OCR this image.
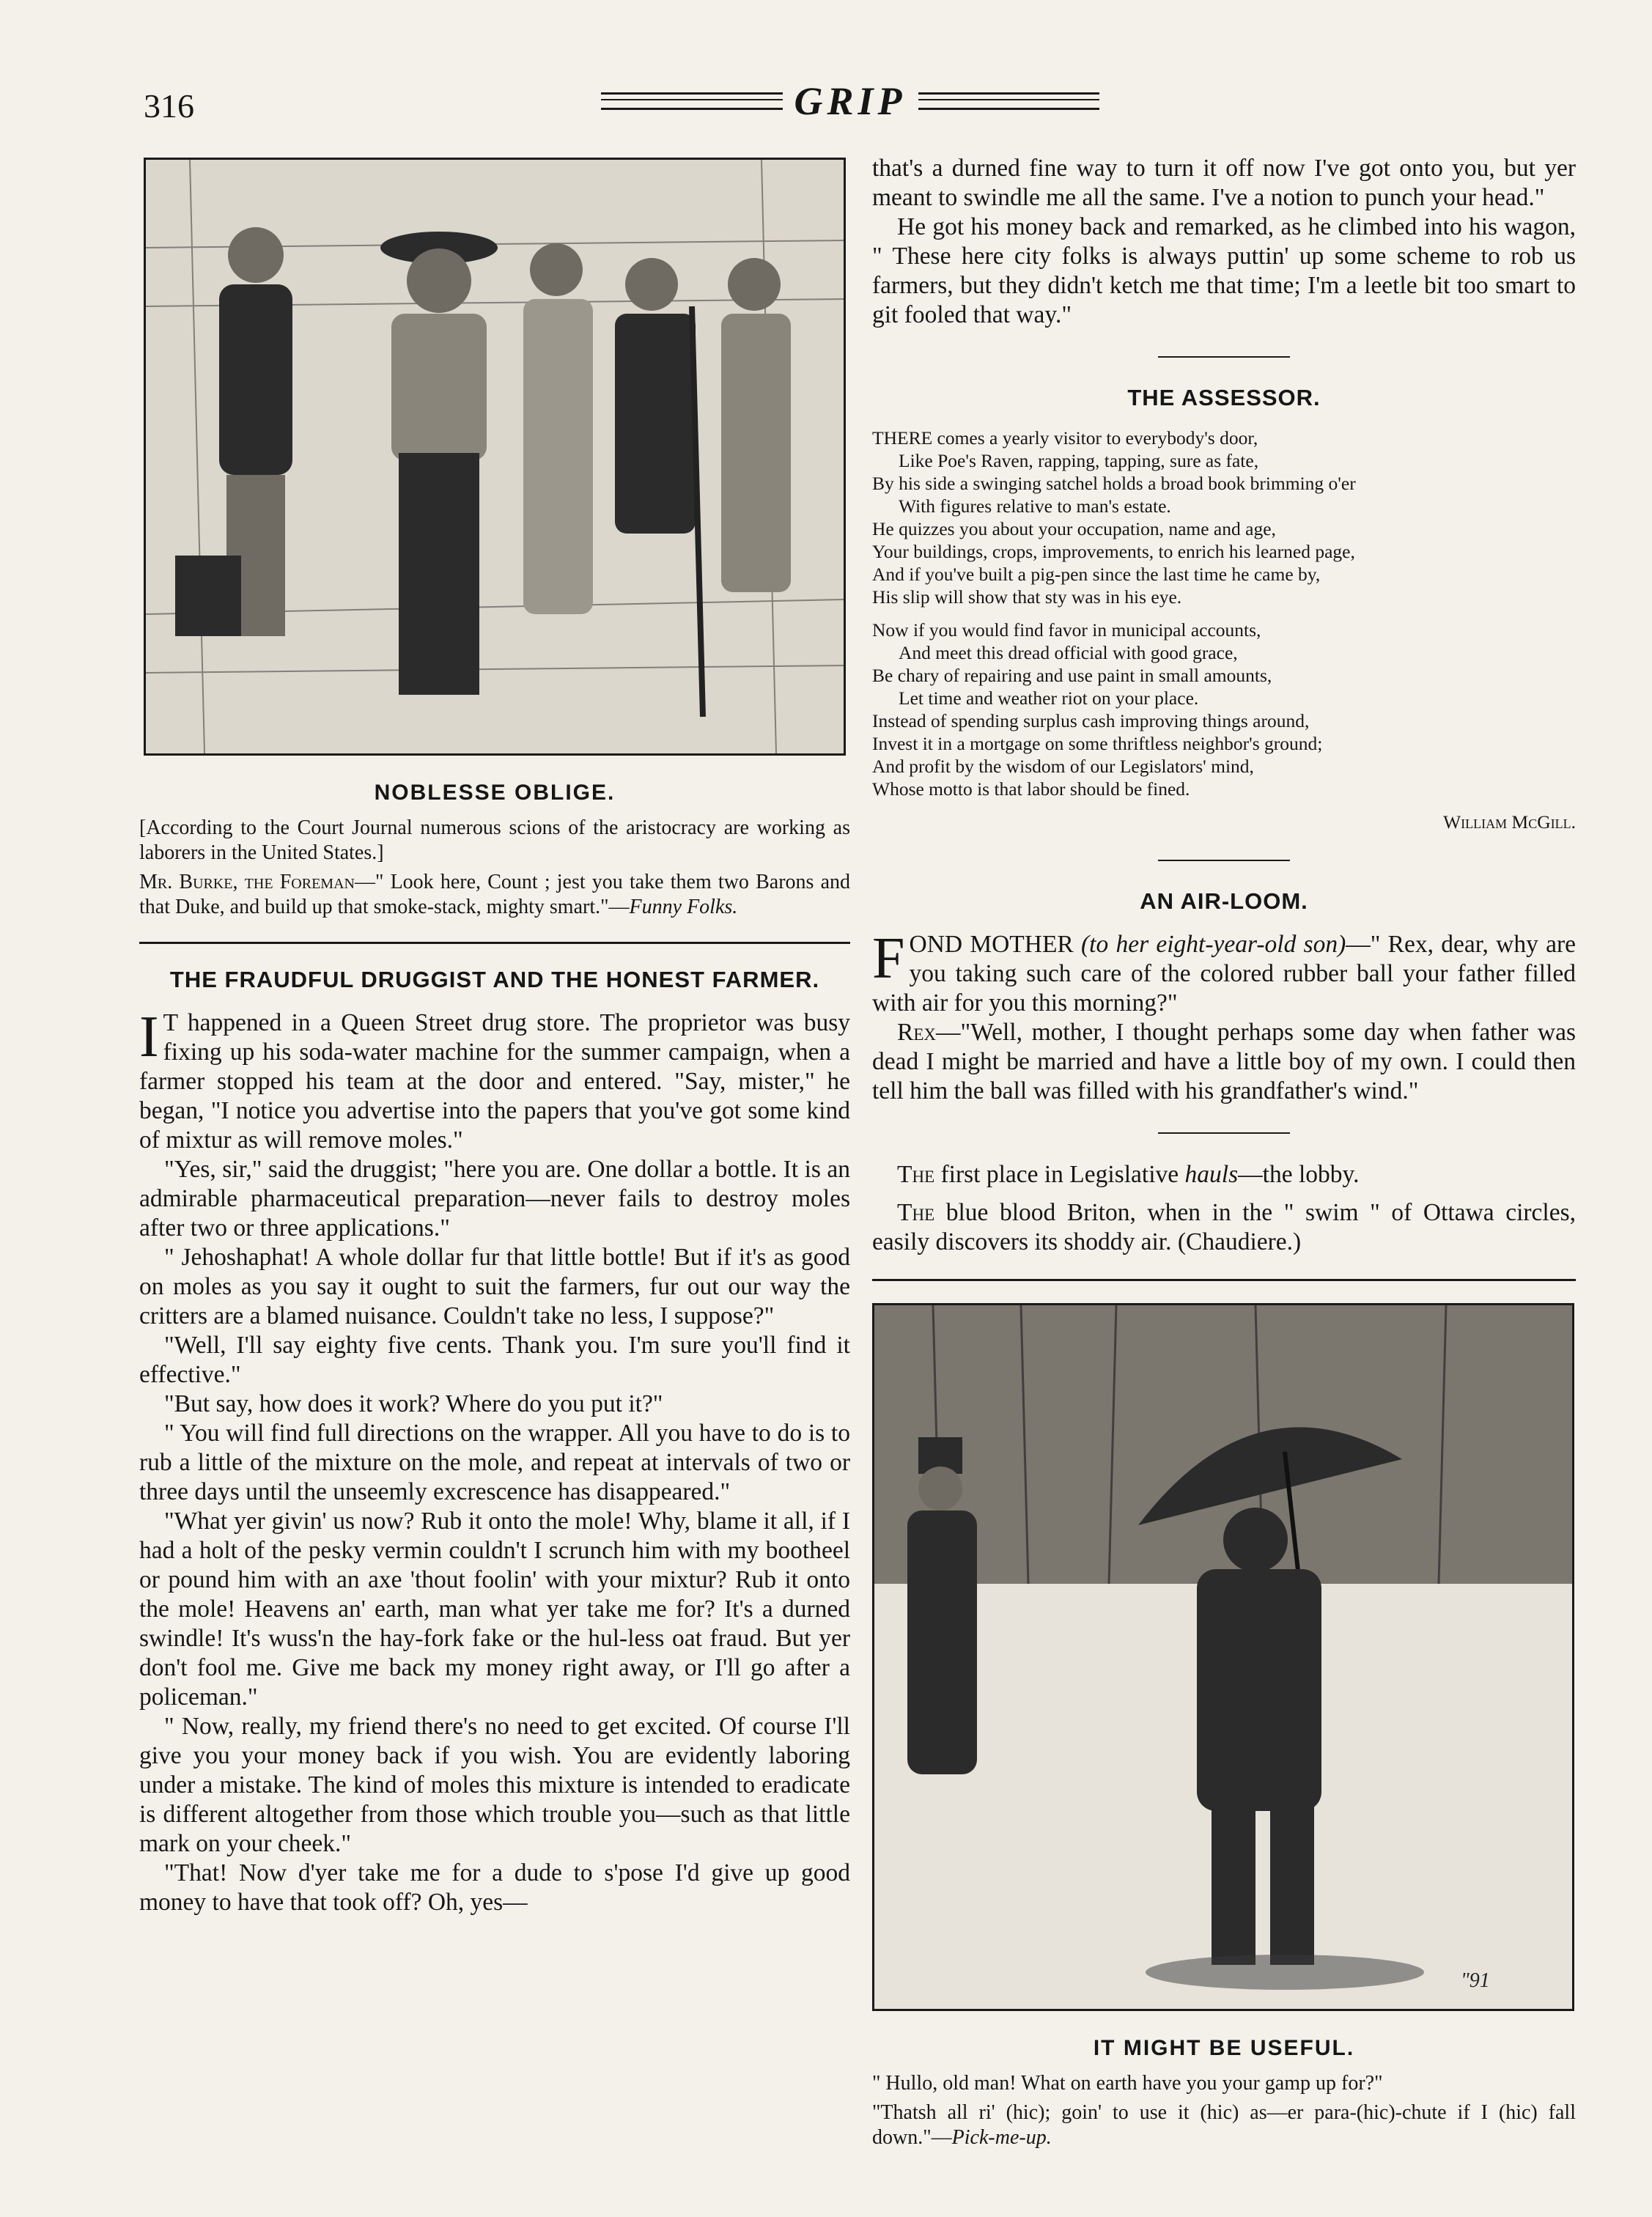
316	GRIP
NOBLESSE OBLIGE.

[According to the Court Journal numerous scions of the aristocracy are working as laborers in the United States.]

Mr. Burke, the Foreman—" Look here, Count ; jest you take them two Barons and that Duke, and build up that smoke-stack, mighty smart."—Funny Folks.

THE FRAUDFUL DRUGGIST AND THE HONEST FARMER.

I T happened in a Queen Street drug store. The proprietor was busy fixing up his soda-water machine for the summer campaign, when a farmer stopped his team at the door and entered. "Say, mister," he began, "I notice you advertise into the papers that you've got some kind of mixtur as will remove moles."

"Yes, sir," said the druggist; "here you are. One dollar a bottle. It is an admirable pharmaceutical preparation—never fails to destroy moles after two or three applications."

" Jehoshaphat! A whole dollar fur that little bottle! But if it's as good on moles as you say it ought to suit the farmers, fur out our way the critters are a blamed nuisance. Couldn't take no less, I suppose?"

"Well, I'll say eighty five cents. Thank you. I'm sure you'll find it effective."

"But say, how does it work? Where do you put it?"

" You will find full directions on the wrapper. All you have to do is to rub a little of the mixture on the mole, and repeat at intervals of two or three days until the unseemly excrescence has disappeared."

"What yer givin' us now? Rub it onto the mole! Why, blame it all, if I had a holt of the pesky vermin couldn't I scrunch him with my bootheel or pound him with an axe 'thout foolin' with your mixtur? Rub it onto the mole! Heavens an' earth, man what yer take me for? It's a durned swindle! It's wuss'n the hay-fork fake or the hul-less oat fraud. But yer don't fool me. Give me back my money right away, or I'll go after a policeman."

" Now, really, my friend there's no need to get excited. Of course I'll give you your money back if you wish. You are evidently laboring under a mistake. The kind of moles this mixture is intended to eradicate is different altogether from those which trouble you—such as that little mark on your cheek."

"That! Now d'yer take me for a dude to s'pose I'd give up good money to have that took off? Oh, yes—

that's a durned fine way to turn it off now I've got onto you, but yer meant to swindle me all the same. I've a notion to punch your head."

He got his money back and remarked, as he climbed into his wagon, " These here city folks is always puttin' up some scheme to rob us farmers, but they didn't ketch me that time; I'm a leetle bit too smart to git fooled that way."

THE ASSESSOR.
THERE comes a yearly visitor to everybody's door,
Like Poe's Raven, rapping, tapping, sure as fate,
By his side a swinging satchel holds a broad book brimming o'er
With figures relative to man's estate.
He quizzes you about your occupation, name and age,
Your buildings, crops, improvements, to enrich his learned page,
And if you've built a pig-pen since the last time he came by,
His slip will show that sty was in his eye.
Now if you would find favor in municipal accounts,
And meet this dread official with good grace,
Be chary of repairing and use paint in small amounts,
Let time and weather riot on your place.
Instead of spending surplus cash improving things around,
Invest it in a mortgage on some thriftless neighbor's ground;
And profit by the wisdom of our Legislators' mind,
Whose motto is that labor should be fined.
William McGill.
AN AIR-LOOM.

FOND MOTHER (to her eight-year-old son)—" Rex, dear, why are you taking such care of the colored rubber ball your father filled with air for you this morning?"

Rex—"Well, mother, I thought perhaps some day when father was dead I might be married and have a little boy of my own. I could then tell him the ball was filled with his grandfather's wind."

The first place in Legislative hauls—the lobby.

The blue blood Briton, when in the " swim " of Ottawa circles, easily discovers its shoddy air. (Chaudiere.)

"91
IT MIGHT BE USEFUL.

" Hullo, old man! What on earth have you your gamp up for?"

"Thatsh all ri' (hic); goin' to use it (hic) as—er para-(hic)-chute if I (hic) fall down."—Pick-me-up.
